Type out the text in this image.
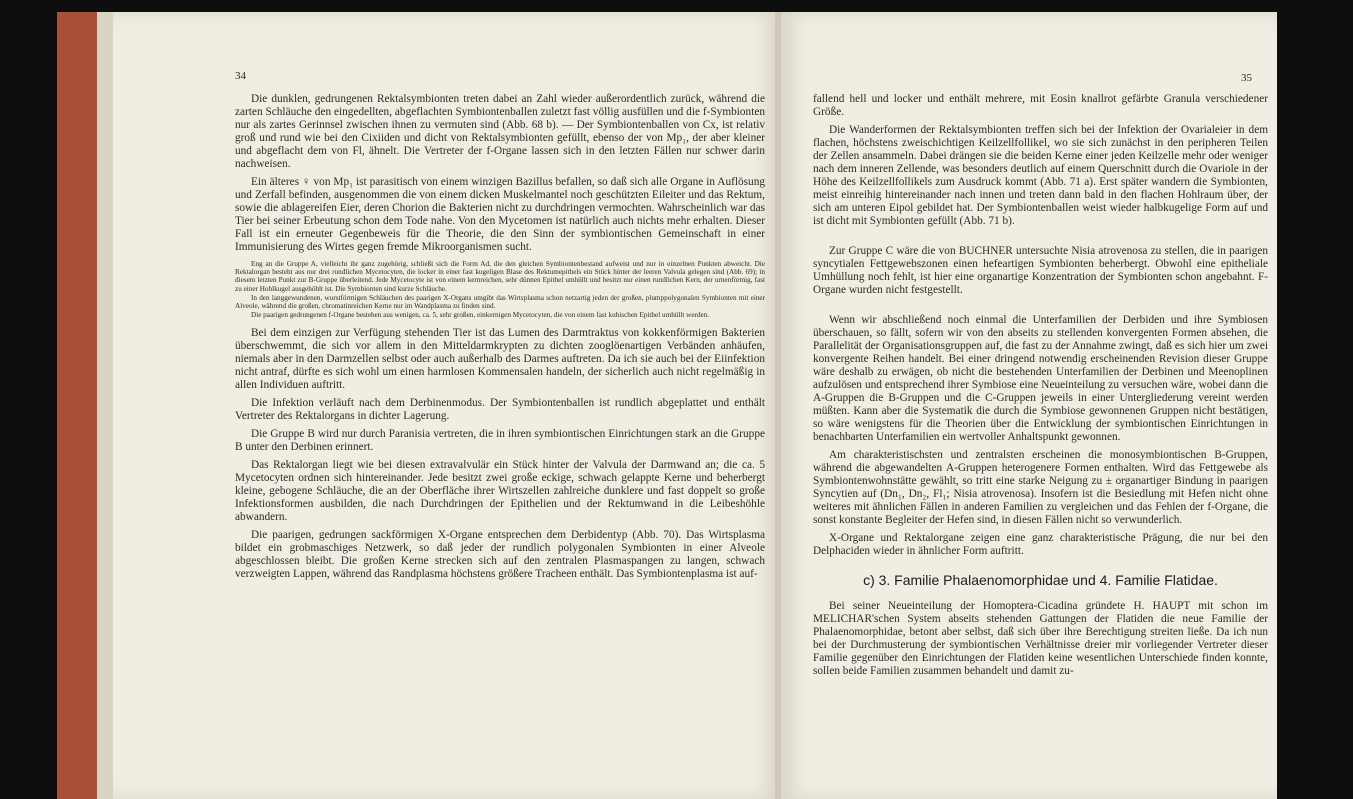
34

Die dunklen, gedrungenen Rektalsymbionten treten dabei an Zahl wieder außerordentlich zurück, während die zarten Schläuche den eingedellten, abgeflachten Symbiontenballen zuletzt fast völlig ausfüllen und die f-Symbionten nur als zartes Gerinnsel zwischen ihnen zu vermuten sind (Abb. 68 b). — Der Symbiontenballen von Cx, ist relativ groß und rund wie bei den Cixiiden und dicht von Rektalsymbionten gefüllt, ebenso der von Mp₁, der aber kleiner und abgeflacht dem von Fl, ähnelt. Die Vertreter der f-Organe lassen sich in den letzten Fällen nur schwer darin nachweisen.

Ein älteres ♀ von Mp₁ ist parasitisch von einem winzigen Bazillus befallen, so daß sich alle Organe in Auflösung und Zerfall befinden, ausgenommen die von einem dicken Muskelmantel noch geschützten Eileiter und das Rektum, sowie die ablagereifen Eier, deren Chorion die Bakterien nicht zu durchdringen vermochten. Wahrscheinlich war das Tier bei seiner Erbeutung schon dem Tode nahe. Von den Mycetomen ist natürlich auch nichts mehr erhalten. Dieser Fall ist ein erneuter Gegenbeweis für die Theorie, die den Sinn der symbiontischen Gemeinschaft in einer Immunisierung des Wirtes gegen fremde Mikroorganismen sucht.

Eng an die Gruppe A, vielleicht ihr ganz zugehörig, schließt sich die Form Ad, die den gleichen Symbiontenbestand aufweist und nur in einzelnen Punkten abweicht. Die Rektalorgan besteht aus nur drei rundlichen Mycetocyten, die locker in einer fast kugeligen Blase des Rektumepithels ein Stück hinter der leeren Valvula gelegen sind (Abb. 69); in diesem letzten Punkt zur B-Gruppe überleitend. Jede Mycetocyte ist von einem kernreichen, sehr dünnen Epithel umhüllt und besitzt nur einen rundlichen Kern, der urnenförmig, fast zu einer Hohlkugel ausgehöhlt ist. Die Symbionten sind kurze Schläuche.

In den langgewundenen, wurstförmigen Schläuchen des paarigen X-Organs umgibt das Wirtsplasma schon netzartig jeden der großen, plumppolygonalen Symbionten mit einer Alveole, während die großen, chromatinreichen Kerne nur im Wandplasma zu finden sind.

Die paarigen gedrungenen f-Organe bestehen aus wenigen, ca. 5, sehr großen, einkernigen Mycetocyten, die von einem fast kubischen Epithel umhüllt werden.

Bei dem einzigen zur Verfügung stehenden Tier ist das Lumen des Darmtraktus von kokkenförmigen Bakterien überschwemmt, die sich vor allem in den Mitteldarmkrypten zu dichten zooglöenartigen Verbänden anhäufen, niemals aber in den Darmzellen selbst oder auch außerhalb des Darmes auftreten. Da ich sie auch bei der Eiinfektion nicht antraf, dürfte es sich wohl um einen harmlosen Kommensalen handeln, der sicherlich auch nicht regelmäßig in allen Individuen auftritt.

Die Infektion verläuft nach dem Derbinenmodus. Der Symbiontenballen ist rundlich abgeplattet und enthält Vertreter des Rektalorgans in dichter Lagerung.

Die Gruppe B wird nur durch Paranisia vertreten, die in ihren symbiontischen Einrichtungen stark an die Gruppe B unter den Derbinen erinnert.

Das Rektalorgan liegt wie bei diesen extravalvulär ein Stück hinter der Valvula der Darmwand an; die ca. 5 Mycetocyten ordnen sich hintereinander. Jede besitzt zwei große eckige, schwach gelappte Kerne und beherbergt kleine, gebogene Schläuche, die an der Oberfläche ihrer Wirtszellen zahlreiche dunklere und fast doppelt so große Infektionsformen ausbilden, die nach Durchdringen der Epithelien und der Rektumwand in die Leibeshöhle abwandern.

Die paarigen, gedrungen sackförmigen X-Organe entsprechen dem Derbidentyp (Abb. 70). Das Wirtsplasma bildet ein grobmaschiges Netzwerk, so daß jeder der rundlich polygonalen Symbionten in einer Alveole abgeschlossen bleibt. Die großen Kerne strecken sich auf den zentralen Plasmaspangen zu langen, schwach verzweigten Lappen, während das Randplasma höchstens größere Tracheen enthält. Das Symbiontenplasma ist auf-

35

fallend hell und locker und enthält mehrere, mit Eosin knallrot gefärbte Granula verschiedener Größe.

Die Wanderformen der Rektalsymbionten treffen sich bei der Infektion der Ovarialeier in dem flachen, höchstens zweischichtigen Keilzellfollikel, wo sie sich zunächst in den peripheren Teilen der Zellen ansammeln. Dabei drängen sie die beiden Kerne einer jeden Keilzelle mehr oder weniger nach dem inneren Zellende, was besonders deutlich auf einem Querschnitt durch die Ovariole in der Höhe des Keilzellfollikels zum Ausdruck kommt (Abb. 71 a). Erst später wandern die Symbionten, meist einreihig hintereinander nach innen und treten dann bald in den flachen Hohlraum über, der sich am unteren Eipol gebildet hat. Der Symbiontenballen weist wieder halbkugelige Form auf und ist dicht mit Symbionten gefüllt (Abb. 71 b).

Zur Gruppe C wäre die von BUCHNER untersuchte Nisia atrovenosa zu stellen, die in paarigen syncytialen Fettgewebszonen einen hefeartigen Symbionten beherbergt. Obwohl eine epitheliale Umhüllung noch fehlt, ist hier eine organartige Konzentration der Symbionten schon angebahnt. F-Organe wurden nicht festgestellt.

Wenn wir abschließend noch einmal die Unterfamilien der Derbiden und ihre Symbiosen überschauen, so fällt, sofern wir von den abseits zu stellenden konvergenten Formen absehen, die Parallelität der Organisationsgruppen auf, die fast zu der Annahme zwingt, daß es sich hier um zwei konvergente Reihen handelt. Bei einer dringend notwendig erscheinenden Revision dieser Gruppe wäre deshalb zu erwägen, ob nicht die bestehenden Unterfamilien der Derbinen und Meenoplinen aufzulösen und entsprechend ihrer Symbiose eine Neueinteilung zu versuchen wäre, wobei dann die A-Gruppen die B-Gruppen und die C-Gruppen jeweils in einer Untergliederung vereint werden müßten. Kann aber die Systematik die durch die Symbiose gewonnenen Gruppen nicht bestätigen, so wäre wenigstens für die Theorien über die Entwicklung der symbiontischen Einrichtungen in benachbarten Unterfamilien ein wertvoller Anhaltspunkt gewonnen.

Am charakteristischsten und zentralsten erscheinen die monosymbiontischen B-Gruppen, während die abgewandelten A-Gruppen heterogenere Formen enthalten. Wird das Fettgewebe als Symbiontenwohnstätte gewählt, so tritt eine starke Neigung zu ± organartiger Bindung in paarigen Syncytien auf (Dn₁, Dn₂, Fl₁; Nisia atrovenosa). Insofern ist die Besiedlung mit Hefen nicht ohne weiteres mit ähnlichen Fällen in anderen Familien zu vergleichen und das Fehlen der f-Organe, die sonst konstante Begleiter der Hefen sind, in diesen Fällen nicht so verwunderlich.

X-Organe und Rektalorgane zeigen eine ganz charakteristische Prägung, die nur bei den Delphaciden wieder in ähnlicher Form auftritt.

c) 3. Familie Phalaenomorphidae und 4. Familie Flatidae.

Bei seiner Neueinteilung der Homoptera-Cicadina gründete H. HAUPT mit schon im MELICHAR'schen System abseits stehenden Gattungen der Flatiden die neue Familie der Phalaenomorphidae, betont aber selbst, daß sich über ihre Berechtigung streiten ließe. Da ich nun bei der Durchmusterung der symbiontischen Verhältnisse dreier mir vorliegender Vertreter dieser Familie gegenüber den Einrichtungen der Flatiden keine wesentlichen Unterschiede finden konnte, sollen beide Familien zusammen behandelt und damit zu-
